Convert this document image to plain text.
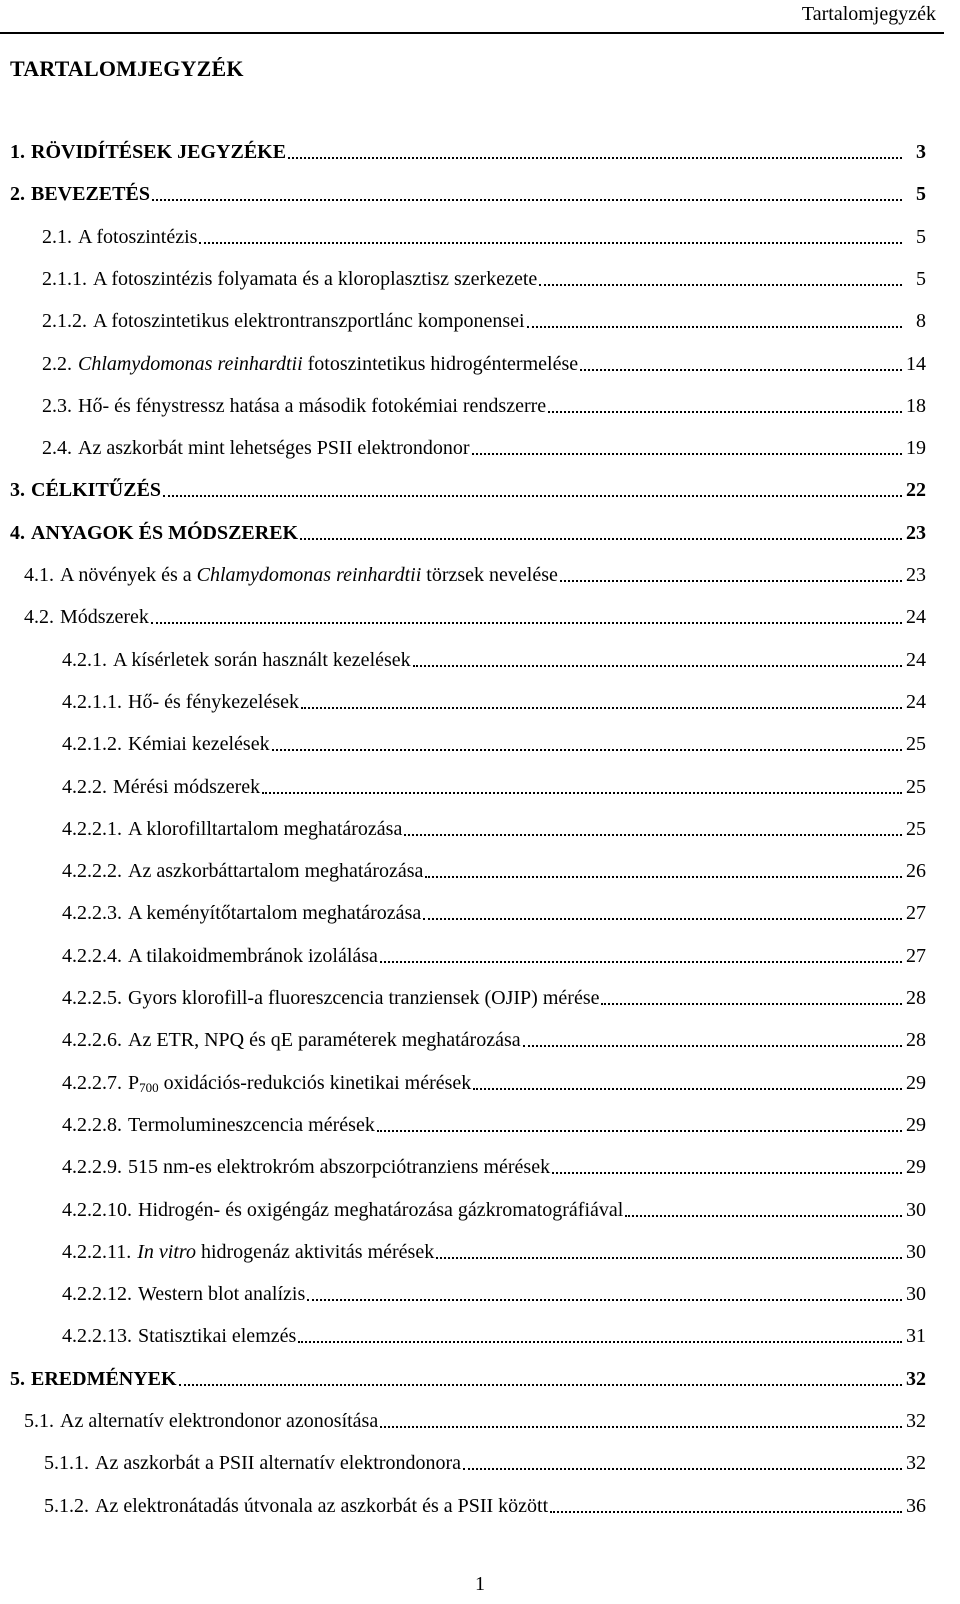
Tartalomjegyzék
TARTALOMJEGYZÉK
1. RÖVIDÍTÉSEK JEGYZÉKE	3
2. BEVEZETÉS	5
2.1. A fotoszintézis	5
2.1.1. A fotoszintézis folyamata és a kloroplasztisz szerkezete	5
2.1.2. A fotoszintetikus elektrontranszportlánc komponensei	8
2.2. Chlamydomonas reinhardtii fotoszintetikus hidrogéntermelése	14
2.3. Hő- és fénystressz hatása a második fotokémiai rendszerre	18
2.4. Az aszkorbát mint lehetséges PSII elektrondonor	19
3. CÉLKITŰZÉS	22
4. ANYAGOK ÉS MÓDSZEREK	23
4.1. A növények és a Chlamydomonas reinhardtii törzsek nevelése	23
4.2. Módszerek	24
4.2.1. A kísérletek során használt kezelések	24
4.2.1.1. Hő- és fénykezelések	24
4.2.1.2. Kémiai kezelések	25
4.2.2. Mérési módszerek	25
4.2.2.1. A klorofilltartalom meghatározása	25
4.2.2.2. Az aszkorbáttartalom meghatározása	26
4.2.2.3. A keményítőtartalom meghatározása	27
4.2.2.4. A tilakoidmembránok izolálása	27
4.2.2.5. Gyors klorofill-a fluoreszcencia tranziensek (OJIP) mérése	28
4.2.2.6. Az ETR, NPQ és qE paraméterek meghatározása	28
4.2.2.7. $P_{700}$ oxidációs-redukciós kinetikai mérések	29
4.2.2.8. Termolumineszcencia mérések	29
4.2.2.9. 515 nm-es elektrokróm abszorpciótranziens mérések	29
4.2.2.10. Hidrogén- és oxigéngáz meghatározása gázkromatográfiával	30
4.2.2.11. In vitro hidrogenáz aktivitás mérések	30
4.2.2.12. Western blot analízis	30
4.2.2.13. Statisztikai elemzés	31
5. EREDMÉNYEK	32
5.1. Az alternatív elektrondonor azonosítása	32
5.1.1. Az aszkorbát a PSII alternatív elektrondonora	32
5.1.2. Az elektronátadás útvonala az aszkorbát és a PSII között	36
1
